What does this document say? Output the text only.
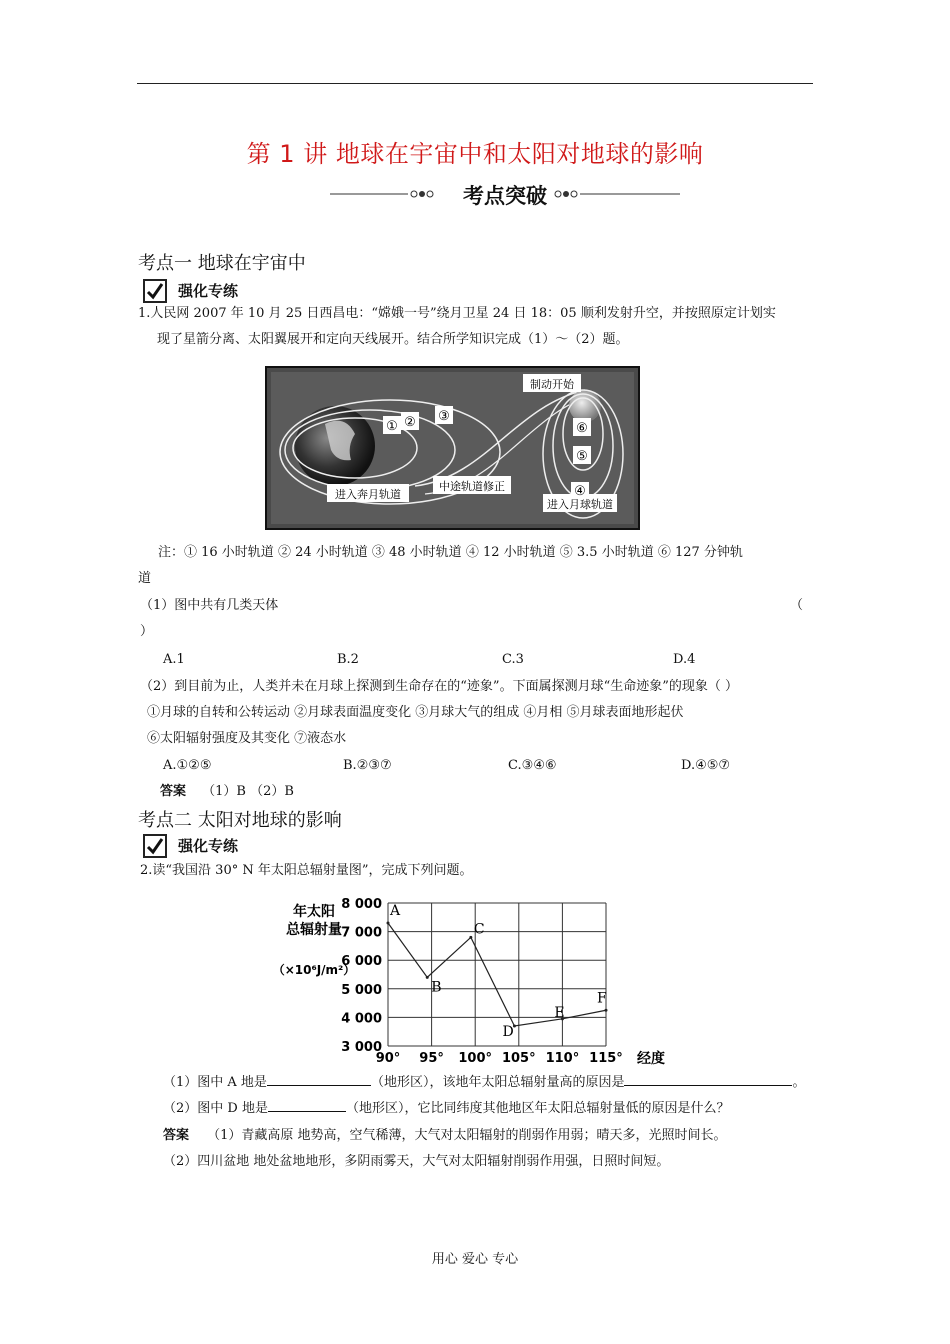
第 1 讲 地球在宇宙中和太阳对地球的影响
考点突破
考点一 地球在宇宙中
强化专练
1.人民网 2007 年 10 月 25 日西昌电：“嫦娥一号”绕月卫星 24 日 18：05 顺利发射升空，并按照原定计划实
现了星箭分离、太阳翼展开和定向天线展开。结合所学知识完成（1）～（2）题。
制动开始
进入奔月轨道
中途轨道修正
进入月球轨道
① ② ③
④
⑤
⑥
注：① 16 小时轨道 ② 24 小时轨道 ③ 48 小时轨道 ④ 12 小时轨道 ⑤ 3.5 小时轨道 ⑥ 127 分钟轨
道
（1）图中共有几类天体	（
）
A.1	B.2	C.3	D.4
（2）到目前为止，人类并未在月球上探测到生命存在的“迹象”。下面属探测月球“生命迹象”的现象（ ）
①月球的自转和公转运动 ②月球表面温度变化 ③月球大气的组成 ④月相 ⑤月球表面地形起伏
⑥太阳辐射强度及其变化 ⑦液态水
A.①②⑤	B.②③⑦	C.③④⑥	D.④⑤⑦
答案 （1）B （2）B
考点二 太阳对地球的影响
强化专练
2.读“我国沿 30° N 年太阳总辐射量图”，完成下列问题。
年太阳
总辐射量
（×10⁶J/m²）
经度
8 000
7 000
6 000
5 000
4 000
3 000
90° 95° 100° 105° 110° 115°
A
B
C
D
E
F
（1）图中 A 地是	（地形区），该地年太阳总辐射量高的原因是	。
（2）图中 D 地是	（地形区），它比同纬度其他地区年太阳总辐射量低的原因是什么？
答案 （1）青藏高原 地势高，空气稀薄，大气对太阳辐射的削弱作用弱；晴天多，光照时间长。
（2）四川盆地 地处盆地地形，多阴雨雾天，大气对太阳辐射削弱作用强，日照时间短。
用心 爱心 专心
